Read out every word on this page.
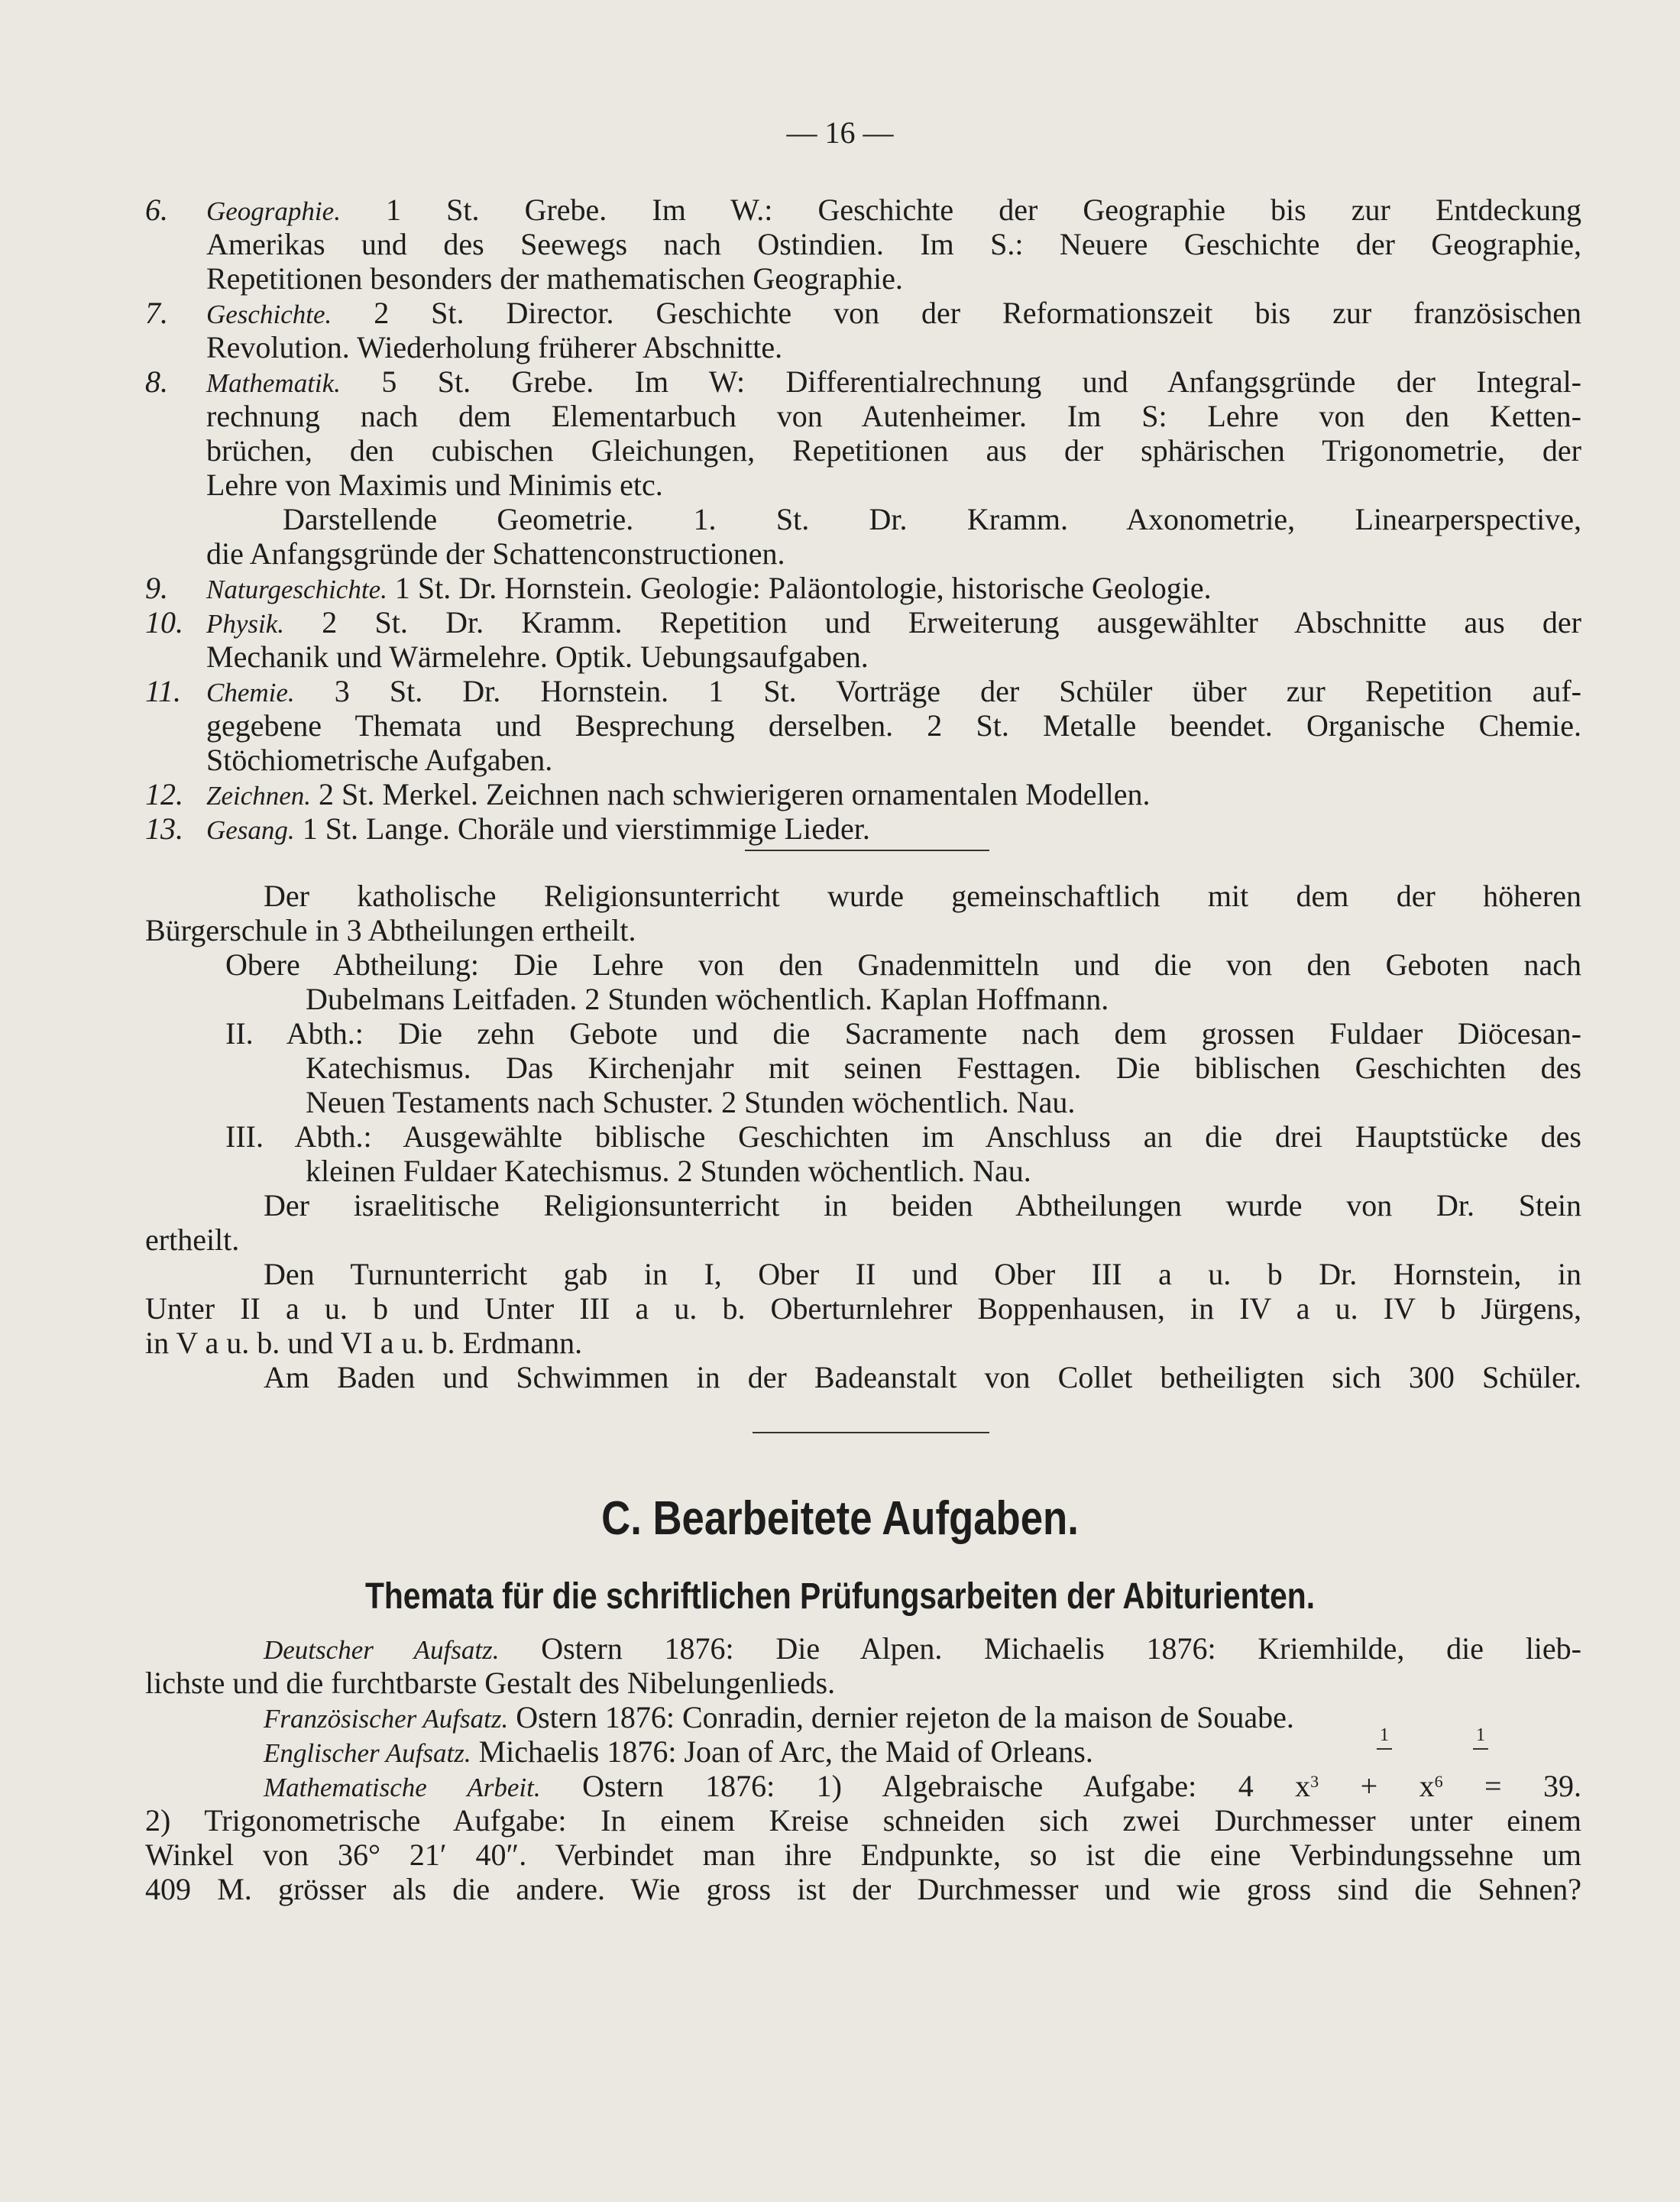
— 16 —
6. Geographie. 1 St. Grebe. Im W.: Geschichte der Geographie bis zur Entdeckung
Amerikas und des Seewegs nach Ostindien. Im S.: Neuere Geschichte der Geographie,
Repetitionen besonders der mathematischen Geographie.
7. Geschichte. 2 St. Director. Geschichte von der Reformationszeit bis zur französischen
Revolution. Wiederholung früherer Abschnitte.
8. Mathematik. 5 St. Grebe. Im W: Differentialrechnung und Anfangsgründe der Integral-
rechnung nach dem Elementarbuch von Autenheimer. Im S: Lehre von den Ketten-
brüchen, den cubischen Gleichungen, Repetitionen aus der sphärischen Trigonometrie, der
Lehre von Maximis und Minimis etc.
Darstellende Geometrie. 1. St. Dr. Kramm. Axonometrie, Linearperspective,
die Anfangsgründe der Schattenconstructionen.
9. Naturgeschichte. 1 St. Dr. Hornstein. Geologie: Paläontologie, historische Geologie.
10. Physik. 2 St. Dr. Kramm. Repetition und Erweiterung ausgewählter Abschnitte aus der
Mechanik und Wärmelehre. Optik. Uebungsaufgaben.
11. Chemie. 3 St. Dr. Hornstein. 1 St. Vorträge der Schüler über zur Repetition auf-
gegebene Themata und Besprechung derselben. 2 St. Metalle beendet. Organische Chemie.
Stöchiometrische Aufgaben.
12. Zeichnen. 2 St. Merkel. Zeichnen nach schwierigeren ornamentalen Modellen.
13. Gesang. 1 St. Lange. Choräle und vierstimmige Lieder.
Der katholische Religionsunterricht wurde gemeinschaftlich mit dem der höheren
Bürgerschule in 3 Abtheilungen ertheilt.
Obere Abtheilung: Die Lehre von den Gnadenmitteln und die von den Geboten nach
Dubelmans Leitfaden. 2 Stunden wöchentlich. Kaplan Hoffmann.
II. Abth.: Die zehn Gebote und die Sacramente nach dem grossen Fuldaer Diöcesan-
Katechismus. Das Kirchenjahr mit seinen Festtagen. Die biblischen Geschichten des
Neuen Testaments nach Schuster. 2 Stunden wöchentlich. Nau.
III. Abth.: Ausgewählte biblische Geschichten im Anschluss an die drei Hauptstücke des
kleinen Fuldaer Katechismus. 2 Stunden wöchentlich. Nau.
Der israelitische Religionsunterricht in beiden Abtheilungen wurde von Dr. Stein
ertheilt.
Den Turnunterricht gab in I, Ober II und Ober III a u. b Dr. Hornstein, in
Unter II a u. b und Unter III a u. b. Oberturnlehrer Boppenhausen, in IV a u. IV b Jürgens,
in V a u. b. und VI a u. b. Erdmann.
Am Baden und Schwimmen in der Badeanstalt von Collet betheiligten sich 300 Schüler.
C. Bearbeitete Aufgaben.
Themata für die schriftlichen Prüfungsarbeiten der Abiturienten.
Deutscher Aufsatz. Ostern 1876: Die Alpen. Michaelis 1876: Kriemhilde, die lieb-
lichste und die furchtbarste Gestalt des Nibelungenlieds.
Französischer Aufsatz. Ostern 1876: Conradin, dernier rejeton de la maison de Souabe.
Englischer Aufsatz. Michaelis 1876: Joan of Arc, the Maid of Orleans.	1	1
Mathematische Arbeit. Ostern 1876: 1) Algebraische Aufgabe: 4 $x^3 + x^6 = 39$.
2) Trigonometrische Aufgabe: In einem Kreise schneiden sich zwei Durchmesser unter einem
Winkel von 36° 21′ 40″. Verbindet man ihre Endpunkte, so ist die eine Verbindungssehne um
409 M. grösser als die andere. Wie gross ist der Durchmesser und wie gross sind die Sehnen?
